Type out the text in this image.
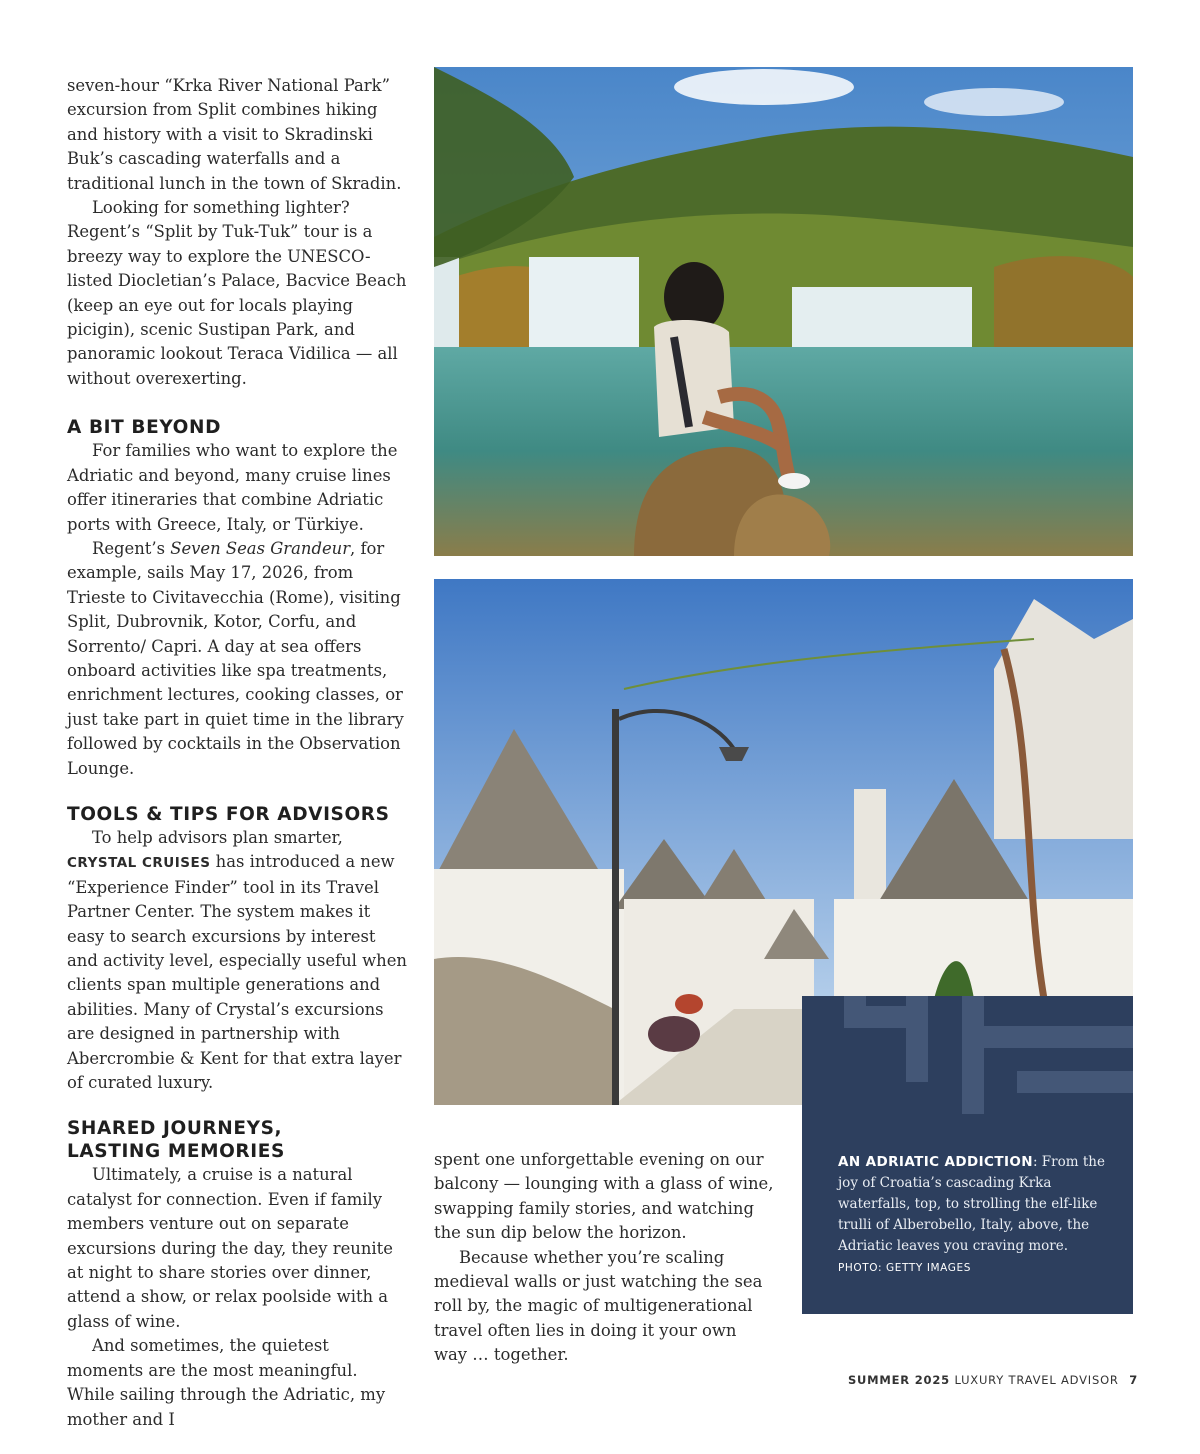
seven-hour “Krka River National Park” excursion from Split combines hiking and history with a visit to Skradinski Buk’s cascading waterfalls and a traditional lunch in the town of Skradin.

Looking for something lighter? Regent’s “Split by Tuk-Tuk” tour is a breezy way to explore the UNESCO-listed Diocletian’s Palace, Bacvice Beach (keep an eye out for locals playing picigin), scenic Sustipan Park, and panoramic lookout Teraca Vidilica — all without overexerting.

A BIT BEYOND

For families who want to explore the Adriatic and beyond, many cruise lines offer itineraries that combine Adriatic ports with Greece, Italy, or Türkiye.

Regent’s Seven Seas Grandeur, for example, sails May 17, 2026, from Trieste to Civitavecchia (Rome), visiting Split, Dubrovnik, Kotor, Corfu, and Sorrento/ Capri. A day at sea offers onboard activities like spa treatments, enrichment lectures, cooking classes, or just take part in quiet time in the library followed by cocktails in the Observation Lounge.

TOOLS & TIPS FOR ADVISORS

To help advisors plan smarter, CRYSTAL CRUISES has introduced a new “Experience Finder” tool in its Travel Partner Center. The system makes it easy to search excursions by interest and activity level, especially useful when clients span multiple generations and abilities. Many of Crystal’s excursions are designed in partnership with Abercrombie & Kent for that extra layer of curated luxury.

SHARED JOURNEYS,
LASTING MEMORIES

Ultimately, a cruise is a natural catalyst for connection. Even if family members venture out on separate excursions during the day, they reunite at night to share stories over dinner, attend a show, or relax poolside with a glass of wine.

And sometimes, the quietest moments are the most meaningful. While sailing through the Adriatic, my mother and I

AN ADRIATIC ADDICTION: From the joy of Croatia’s cascading Krka waterfalls, top, to strolling the elf-like trulli of Alberobello, Italy, above, the Adriatic leaves you craving more.
PHOTO: GETTY IMAGES

spent one unforgettable evening on our balcony — lounging with a glass of wine, swapping family stories, and watching the sun dip below the horizon.

Because whether you’re scaling medieval walls or just watching the sea roll by, the magic of multigenerational travel often lies in doing it your own way … together.

SUMMER 2025 LUXURY TRAVEL ADVISOR 7
